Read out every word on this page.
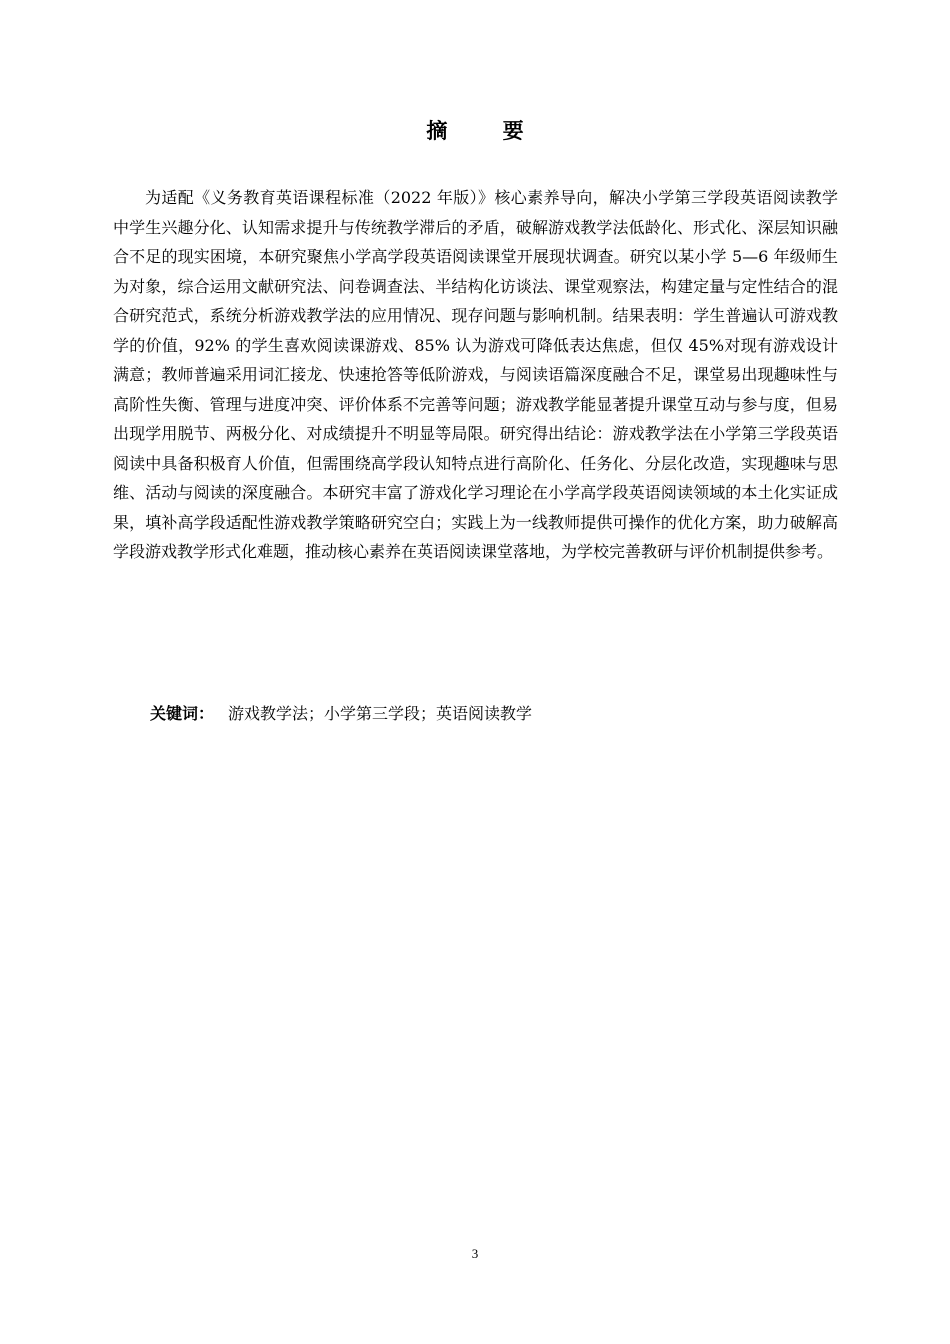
摘 要

为适配《义务教育英语课程标准（2022 年版）》核心素养导向，解决小学第三学段英语阅读教学中学生兴趣分化、认知需求提升与传统教学滞后的矛盾，破解游戏教学法低龄化、形式化、深层知识融合不足的现实困境，本研究聚焦小学高学段英语阅读课堂开展现状调查。研究以某小学 5—6 年级师生为对象，综合运用文献研究法、问卷调查法、半结构化访谈法、课堂观察法，构建定量与定性结合的混合研究范式，系统分析游戏教学法的应用情况、现存问题与影响机制。结果表明：学生普遍认可游戏教学的价值，92% 的学生喜欢阅读课游戏、85% 认为游戏可降低表达焦虑，但仅 45%对现有游戏设计满意；教师普遍采用词汇接龙、快速抢答等低阶游戏，与阅读语篇深度融合不足，课堂易出现趣味性与高阶性失衡、管理与进度冲突、评价体系不完善等问题；游戏教学能显著提升课堂互动与参与度，但易出现学用脱节、两极分化、对成绩提升不明显等局限。研究得出结论：游戏教学法在小学第三学段英语阅读中具备积极育人价值，但需围绕高学段认知特点进行高阶化、任务化、分层化改造，实现趣味与思维、活动与阅读的深度融合。本研究丰富了游戏化学习理论在小学高学段英语阅读领域的本土化实证成果，填补高学段适配性游戏教学策略研究空白；实践上为一线教师提供可操作的优化方案，助力破解高学段游戏教学形式化难题，推动核心素养在英语阅读课堂落地，为学校完善教研与评价机制提供参考。

关键词： 游戏教学法；小学第三学段；英语阅读教学

3
